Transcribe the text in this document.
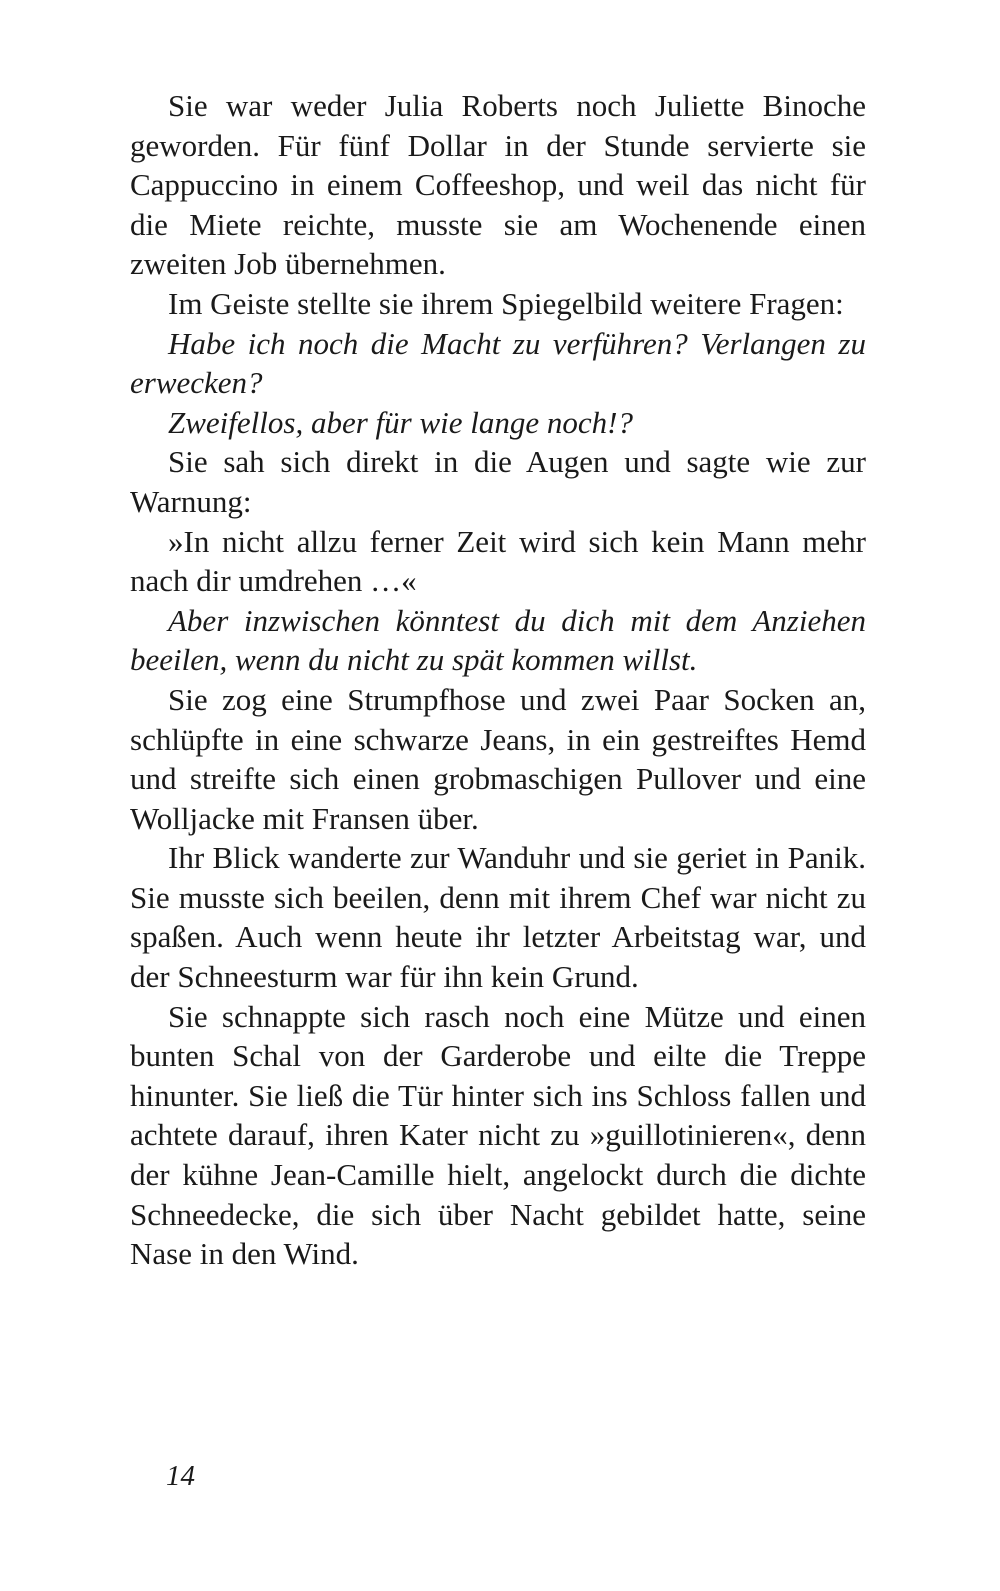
Sie war weder Julia Roberts noch Juliette Binoche geworden. Für fünf Dollar in der Stunde servierte sie Cappuccino in einem Coffeeshop, und weil das nicht für die Miete reichte, musste sie am Wochenende einen zweiten Job übernehmen.

Im Geiste stellte sie ihrem Spiegelbild weitere Fragen:

Habe ich noch die Macht zu verführen? Verlangen zu erwecken?

Zweifellos, aber für wie lange noch!?

Sie sah sich direkt in die Augen und sagte wie zur Warnung:

»In nicht allzu ferner Zeit wird sich kein Mann mehr nach dir umdrehen …«

Aber inzwischen könntest du dich mit dem Anziehen beeilen, wenn du nicht zu spät kommen willst.

Sie zog eine Strumpfhose und zwei Paar Socken an, schlüpfte in eine schwarze Jeans, in ein gestreiftes Hemd und streifte sich einen grobmaschigen Pullover und eine Wolljacke mit Fransen über.

Ihr Blick wanderte zur Wanduhr und sie geriet in Panik. Sie musste sich beeilen, denn mit ihrem Chef war nicht zu spaßen. Auch wenn heute ihr letzter Arbeitstag war, und der Schneesturm war für ihn kein Grund.

Sie schnappte sich rasch noch eine Mütze und einen bunten Schal von der Garderobe und eilte die Treppe hinunter. Sie ließ die Tür hinter sich ins Schloss fallen und achtete darauf, ihren Kater nicht zu »guillotinieren«, denn der kühne Jean-Camille hielt, angelockt durch die dichte Schneedecke, die sich über Nacht gebildet hatte, seine Nase in den Wind.

14
